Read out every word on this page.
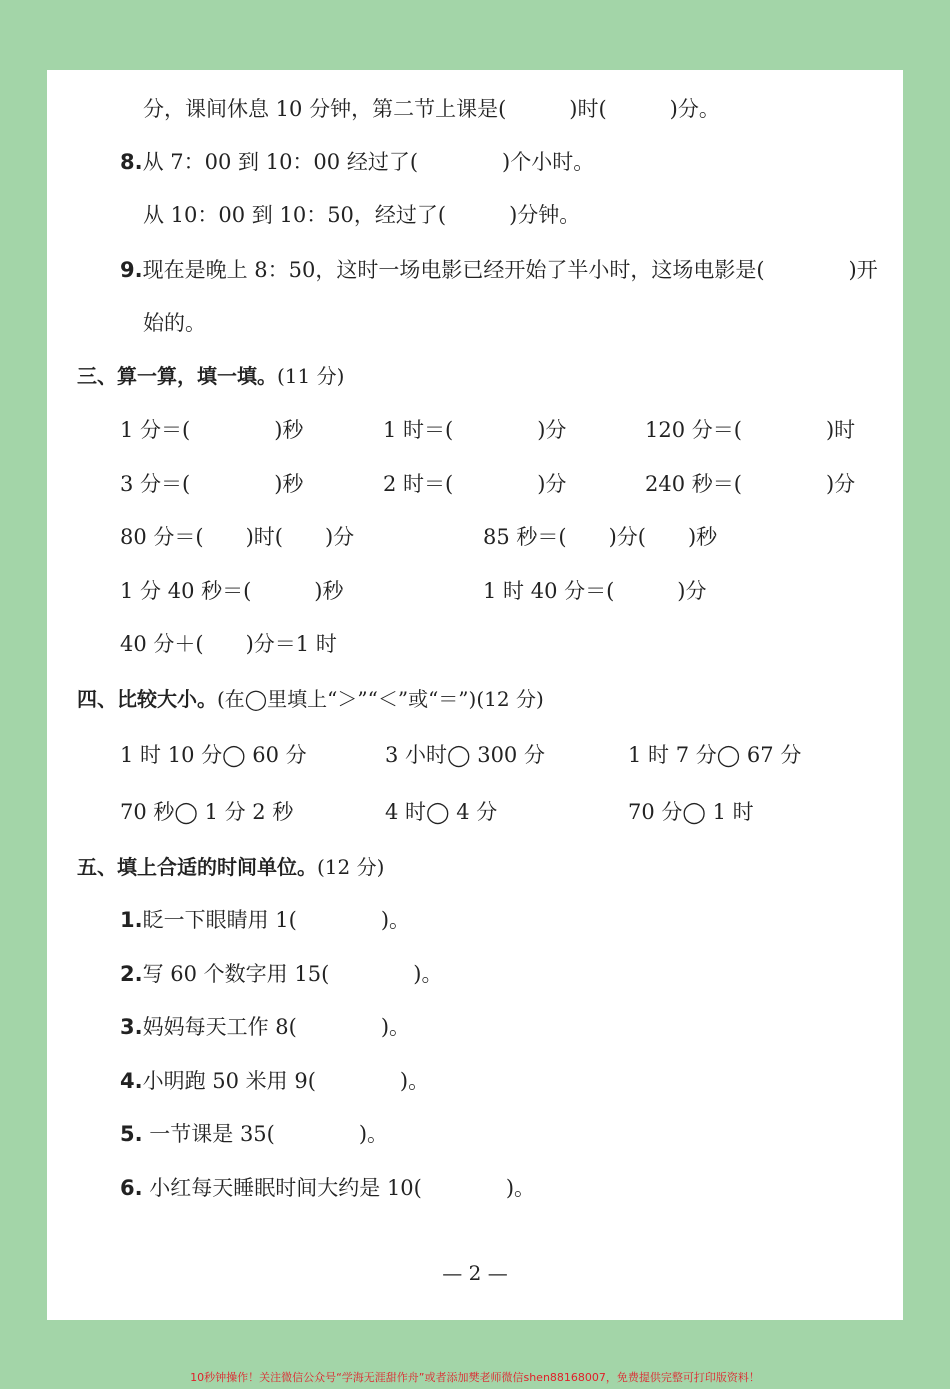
分，课间休息 10 分钟，第二节上课是(　　　)时(　　　)分。
8.从 7：00 到 10：00 经过了(　　　　)个小时。
从 10：00 到 10：50，经过了(　　　)分钟。
9.现在是晚上 8：50，这时一场电影已经开始了半小时，这场电影是(　　　　)开
始的。
三、算一算，填一填。(11 分)
1 分＝(　　　　)秒	1 时＝(　　　　)分	120 分＝(　　　　)时
3 分＝(　　　　)秒	2 时＝(　　　　)分	240 秒＝(　　　　)分
80 分＝(　　)时(　　)分	85 秒＝(　　)分(　　)秒
1 分 40 秒＝(　　　)秒	1 时 40 分＝(　　　)分
40 分＋(　　)分＝1 时
四、比较大小。(在◯里填上“＞”“＜”或“＝”)(12 分)
1 时 10 分◯ 60 分	3 小时◯ 300 分	1 时 7 分◯ 67 分
70 秒◯ 1 分 2 秒	4 时◯ 4 分	70 分◯ 1 时
五、填上合适的时间单位。(12 分)
1.眨一下眼睛用 1(　　　　)。
2.写 60 个数字用 15(　　　　)。
3.妈妈每天工作 8(　　　　)。
4.小明跑 50 米用 9(　　　　)。
5. 一节课是 35(　　　　)。
6. 小红每天睡眠时间大约是 10(　　　　)。
— 2 —
10秒钟操作！关注微信公众号“学海无涯甜作舟”或者添加樊老师微信shen88168007，免费提供完整可打印版资料！
